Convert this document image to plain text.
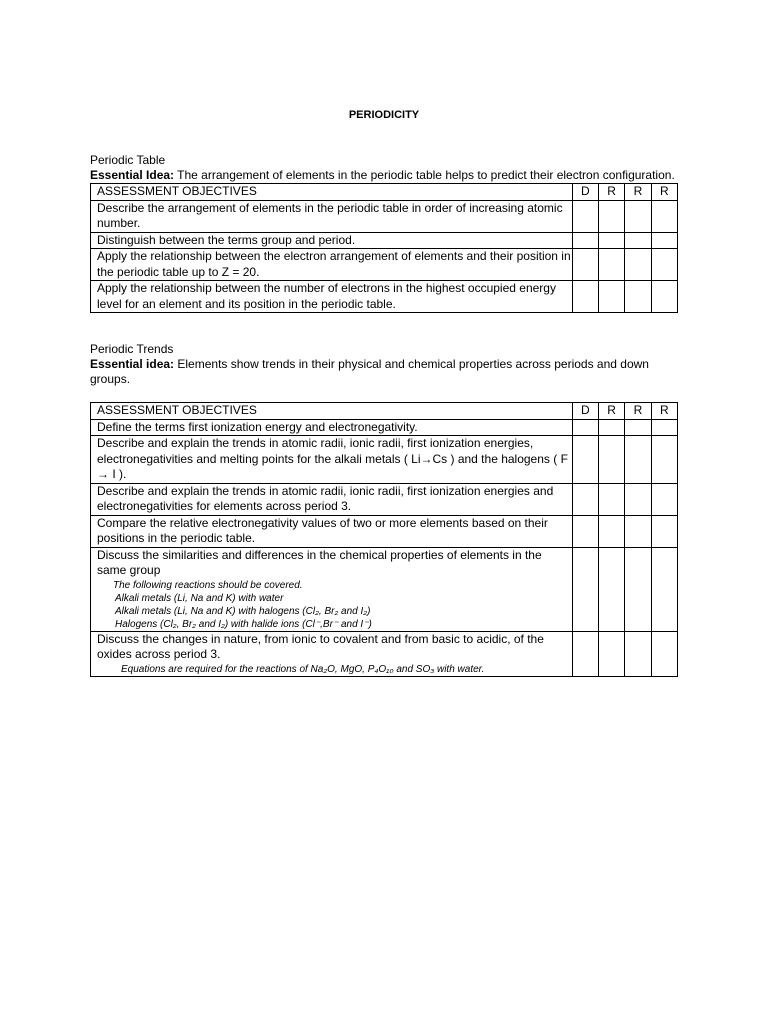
PERIODICITY
Periodic Table
Essential Idea: The arrangement of elements in the periodic table helps to predict their electron configuration.
ASSESSMENT OBJECTIVES	D	R	R	R
Describe the arrangement of elements in the periodic table in order of increasing atomic number.				
Distinguish between the terms group and period.				
Apply the relationship between the electron arrangement of elements and their position in the periodic table up to Z = 20.				
Apply the relationship between the number of electrons in the highest occupied energy level for an element and its position in the periodic table.				
Periodic Trends
Essential idea: Elements show trends in their physical and chemical properties across periods and down groups.
ASSESSMENT OBJECTIVES	D	R	R	R
Define the terms first ionization energy and electronegativity.				
Describe and explain the trends in atomic radii, ionic radii, first ionization energies, electronegativities and melting points for the alkali metals ( Li→Cs ) and the halogens ( F → I ).				
Describe and explain the trends in atomic radii, ionic radii, first ionization energies and electronegativities for elements across period 3.				
Compare the relative electronegativity values of two or more elements based on their positions in the periodic table.				

Discuss the similarities and differences in the chemical properties of elements in the same group
The following reactions should be covered.
Alkali metals (Li, Na and K) with water
Alkali metals (Li, Na and K) with halogens (Cl₂, Br₂ and I₂)
Halogens (Cl₂, Br₂ and I₂) with halide ions (Cl⁻,Br⁻ and I⁻)				

Discuss the changes in nature, from ionic to covalent and from basic to acidic, of the oxides across period 3.
Equations are required for the reactions of Na₂O, MgO, P₄O₁₀ and SO₃ with water.				
